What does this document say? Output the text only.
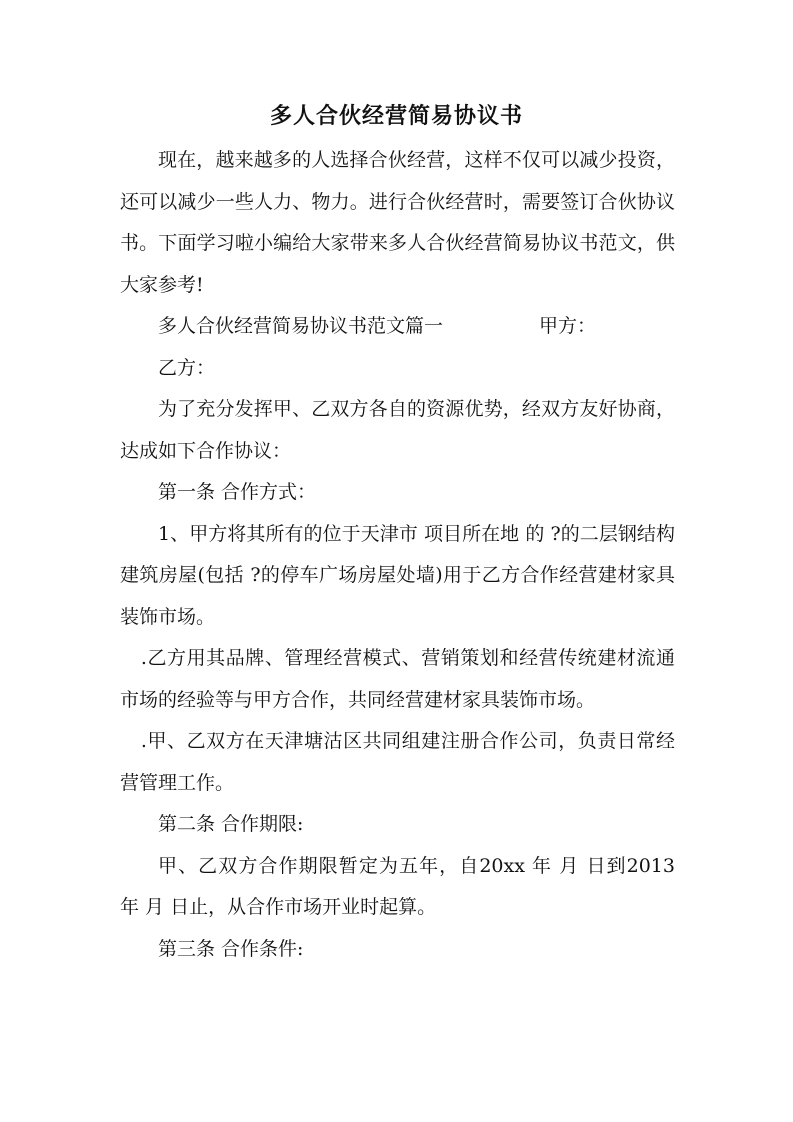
多人合伙经营简易协议书

现在，越来越多的人选择合伙经营，这样不仅可以减少投资，还可以减少一些人力、物力。进行合伙经营时，需要签订合伙协议书。下面学习啦小编给大家带来多人合伙经营简易协议书范文，供大家参考!

多人合伙经营简易协议书范文篇一	甲方：

乙方：

为了充分发挥甲、乙双方各自的资源优势，经双方友好协商，达成如下合作协议：

第一条 合作方式：

1、甲方将其所有的位于天津市 项目所在地 的 ?的二层钢结构建筑房屋(包括 ?的停车广场房屋处墙)用于乙方合作经营建材家具装饰市场。

.乙方用其品牌、管理经营模式、营销策划和经营传统建材流通市场的经验等与甲方合作，共同经营建材家具装饰市场。

.甲、乙双方在天津塘沽区共同组建注册合作公司，负责日常经营管理工作。

第二条 合作期限:

甲、乙双方合作期限暂定为五年，自20xx 年 月 日到2013 年 月 日止，从合作市场开业时起算。

第三条 合作条件:
